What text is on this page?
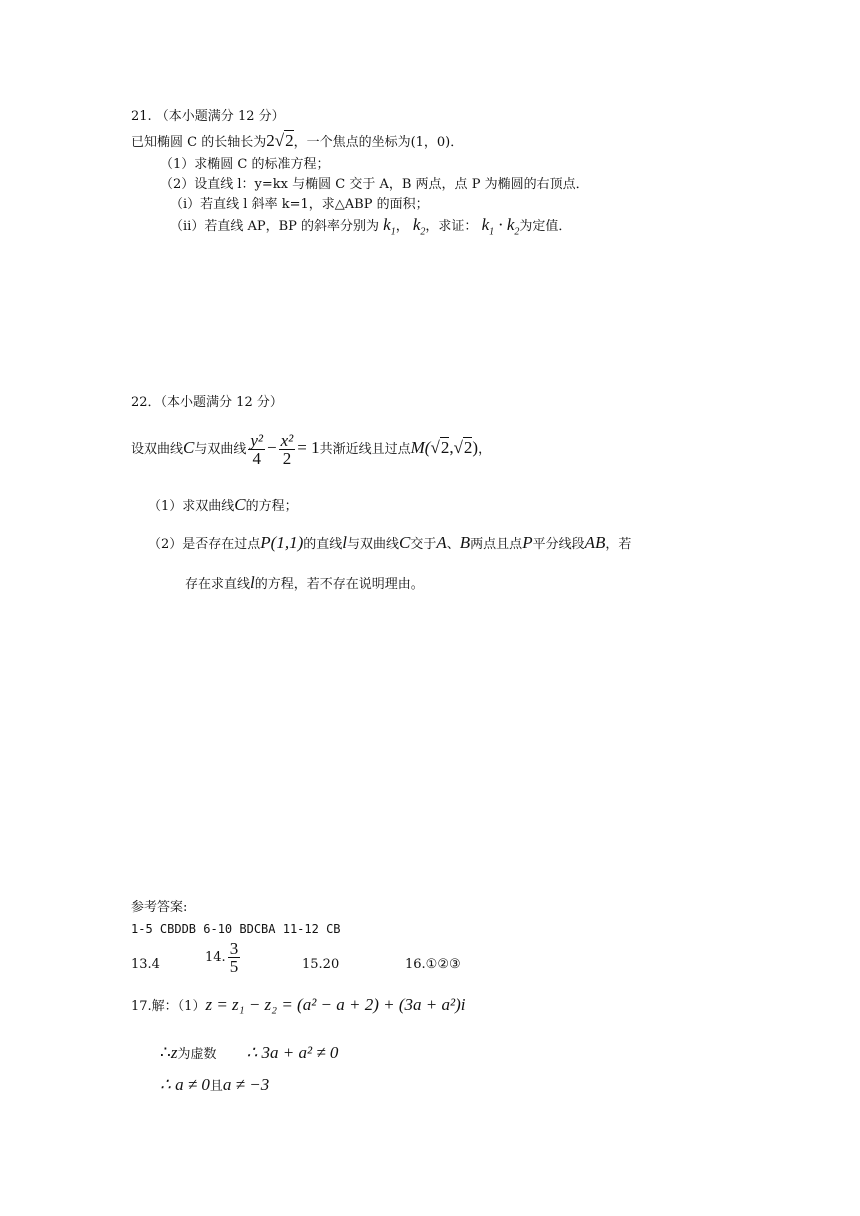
21. （本小题满分 12 分）
已知椭圆 C 的长轴长为2√2，一个焦点的坐标为(1，0)．
（1）求椭圆 C 的标准方程；
（2）设直线 l：y=kx 与椭圆 C 交于 A，B 两点，点 P 为椭圆的右顶点．
（ⅰ）若直线 l 斜率 k=1，求△ABP 的面积；
（ⅱ）若直线 AP，BP 的斜率分别为 $k_1$， $k_2$，求证： $k_1 \cdot k_2$为定值．
22．（本小题满分 12 分）
设双曲线C与双曲线 $\frac{\text{y²}}{4} - \frac{\text{x²}}{2} = 1$共渐近线且过点M(√2,√2)，
（1）求双曲线C的方程；
（2）是否存在过点P(1,1)的直线l与双曲线C交于A、B两点且点P平分线段AB，若
存在求直线l的方程，若不存在说明理由。
参考答案:
1-5 CBDDB 6-10 BDCBA 11-12 CB
13.4	14. $\frac{3}{5}$	15.20	16.①②③
17.解：（1）z = z₁ − z₂ = (a² − a + 2) + (3a + a²)i
∴z为虚数 ∴ 3a + a² ≠ 0
∴ a ≠ 0且a ≠ −3
